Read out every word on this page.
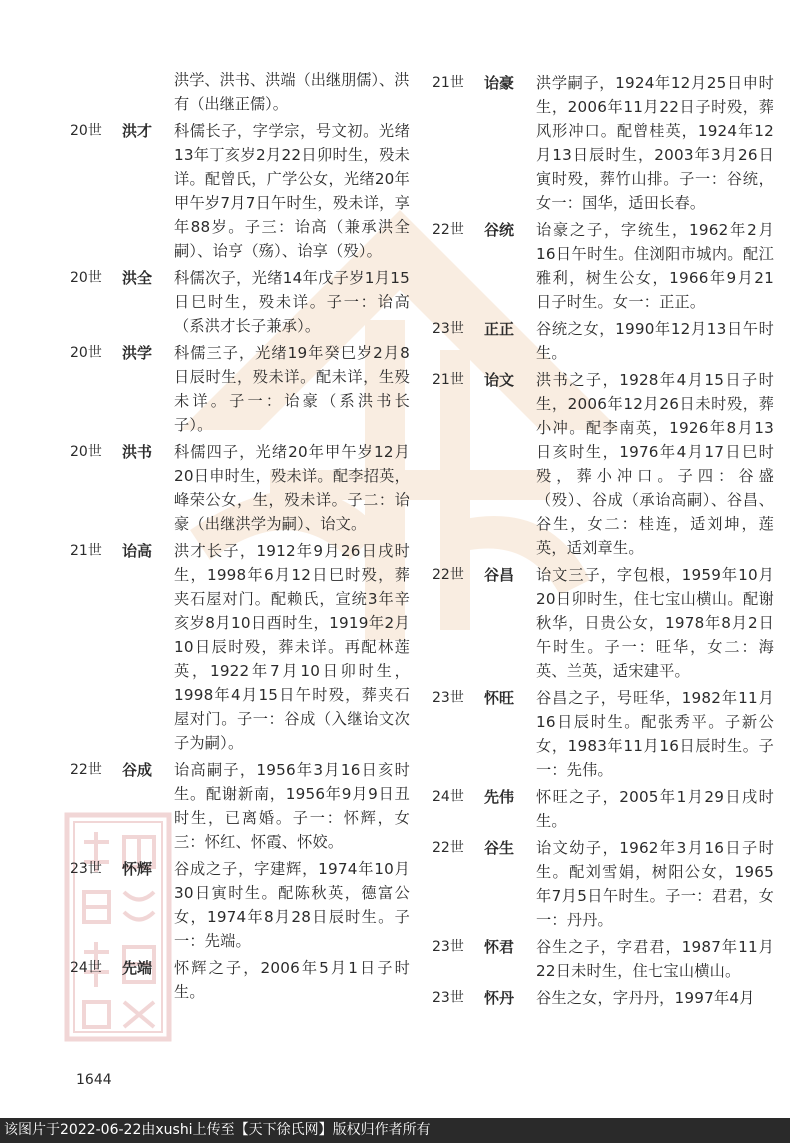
洪学、洪书、洪端（出继朋儒）、洪有（出继正儒）。
20世	洪才	科儒长子，字学宗，号文初。光绪13年丁亥岁2月22日卯时生，殁未详。配曾氏，广学公女，光绪20年甲午岁7月7日午时生，殁未详，享年88岁。子三：诒高（兼承洪全嗣）、诒亨（殇）、诒享（殁）。
20世	洪全	科儒次子，光绪14年戊子岁1月15日巳时生，殁未详。子一：诒高（系洪才长子兼承）。
20世	洪学	科儒三子，光绪19年癸巳岁2月8日辰时生，殁未详。配未详，生殁未详。子一：诒豪（系洪书长子）。
20世	洪书	科儒四子，光绪20年甲午岁12月20日申时生，殁未详。配李招英，峰荣公女，生，殁未详。子二：诒豪（出继洪学为嗣）、诒文。
21世	诒高	洪才长子，1912年9月26日戌时生，1998年6月12日巳时殁，葬夹石屋对门。配赖氏，宣统3年辛亥岁8月10日酉时生，1919年2月10日辰时殁，葬未详。再配林莲英，1922年7月10日卯时生，1998年4月15日午时殁，葬夹石屋对门。子一：谷成（入继诒文次子为嗣）。
22世	谷成	诒高嗣子，1956年3月16日亥时生。配谢新南，1956年9月9日丑时生，已离婚。子一：怀辉，女三：怀红、怀霞、怀姣。
23世	怀辉	谷成之子，字建辉，1974年10月30日寅时生。配陈秋英，德富公女，1974年8月28日辰时生。子一：先端。
24世	先端	怀辉之子，2006年5月1日子时生。
21世	诒豪	洪学嗣子，1924年12月25日申时生，2006年11月22日子时殁，葬风形冲口。配曾桂英，1924年12月13日辰时生，2003年3月26日寅时殁，葬竹山排。子一：谷统，女一：国华，适田长春。
22世	谷统	诒豪之子，字统生，1962年2月16日午时生。住浏阳市城内。配江雅利，树生公女，1966年9月21日子时生。女一：正正。
23世	正正	谷统之女，1990年12月13日午时生。
21世	诒文	洪书之子，1928年4月15日子时生，2006年12月26日未时殁，葬小冲。配李南英，1926年8月13日亥时生，1976年4月17日巳时殁，葬小冲口。子四：谷盛（殁）、谷成（承诒高嗣）、谷昌、谷生，女二：桂连，适刘坤，莲英，适刘章生。
22世	谷昌	诒文三子，字包根，1959年10月20日卯时生，住七宝山横山。配谢秋华，日贵公女，1978年8月2日午时生。子一：旺华，女二：海英、兰英，适宋建平。
23世	怀旺	谷昌之子，号旺华，1982年11月16日辰时生。配张秀平。子新公女，1983年11月16日辰时生。子一：先伟。
24世	先伟	怀旺之子，2005年1月29日戌时生。
22世	谷生	诒文幼子，1962年3月16日子时生。配刘雪娟，树阳公女，1965年7月5日午时生。子一：君君，女一：丹丹。
23世	怀君	谷生之子，字君君，1987年11月22日未时生，住七宝山横山。
23世	怀丹	谷生之女，字丹丹，1997年4月
1644
该图片于2022-06-22由xushi上传至【天下徐氏网】版权归作者所有
